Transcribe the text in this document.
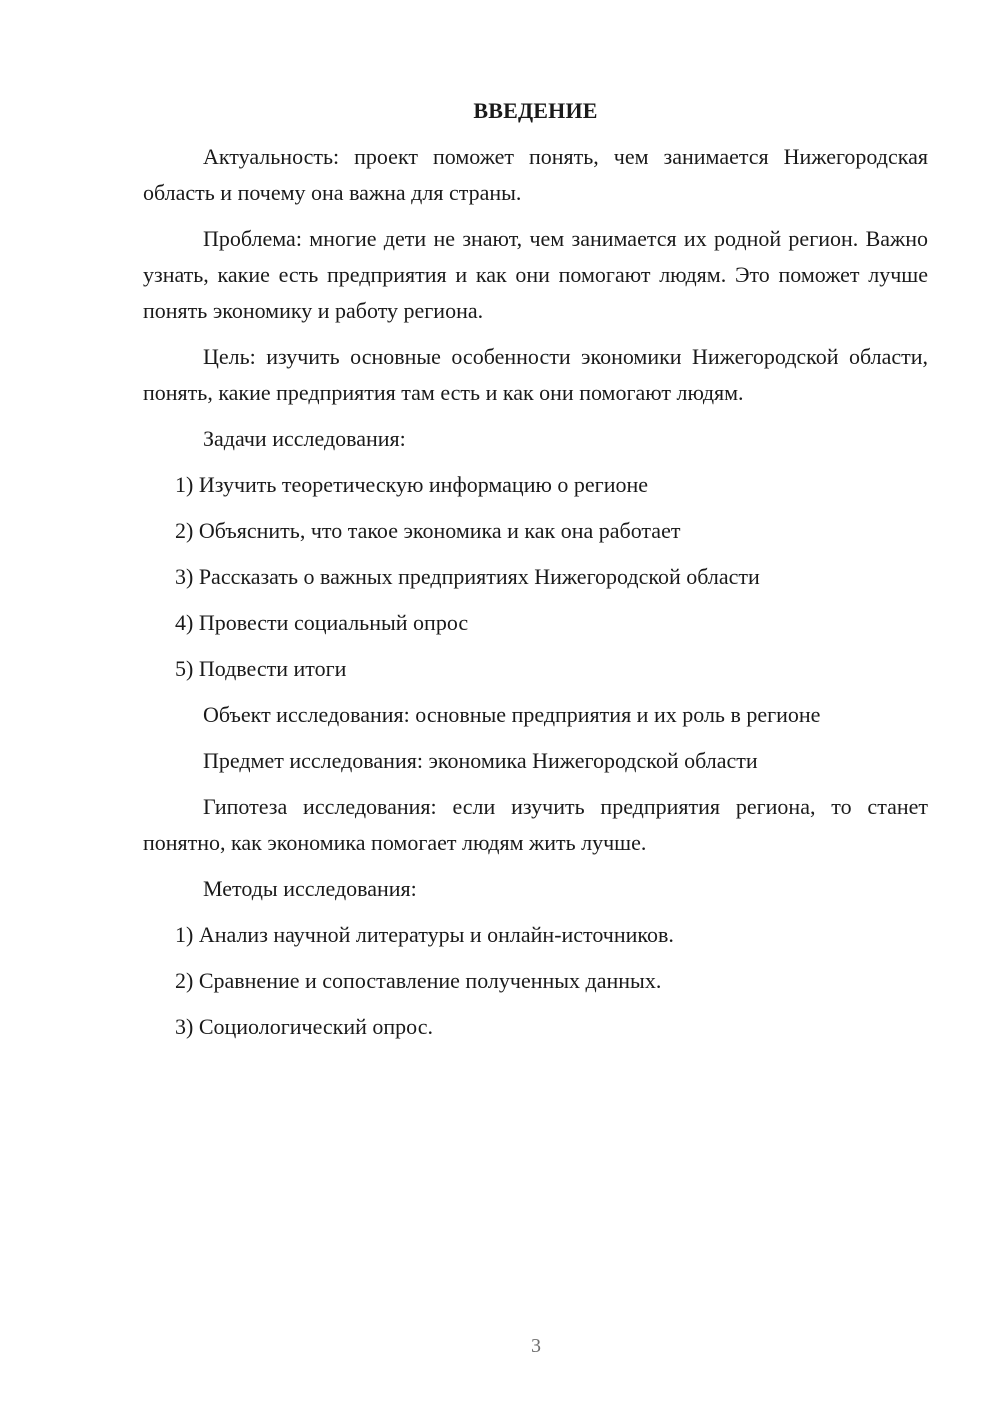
ВВЕДЕНИЕ

Актуальность: проект поможет понять, чем занимается Нижегородская область и почему она важна для страны.

Проблема: многие дети не знают, чем занимается их родной регион. Важно узнать, какие есть предприятия и как они помогают людям. Это поможет лучше понять экономику и работу региона.

Цель: изучить основные особенности экономики Нижегородской области, понять, какие предприятия там есть и как они помогают людям.

Задачи исследования:
1) Изучить теоретическую информацию о регионе
2) Объяснить, что такое экономика и как она работает
3) Рассказать о важных предприятиях Нижегородской области
4) Провести социальный опрос
5) Подвести итоги
Объект исследования: основные предприятия и их роль в регионе
Предмет исследования: экономика Нижегородской области

Гипотеза исследования: если изучить предприятия региона, то станет понятно, как экономика помогает людям жить лучше.

Методы исследования:
1) Анализ научной литературы и онлайн-источников.
2) Сравнение и сопоставление полученных данных.
3) Социологический опрос.
3
